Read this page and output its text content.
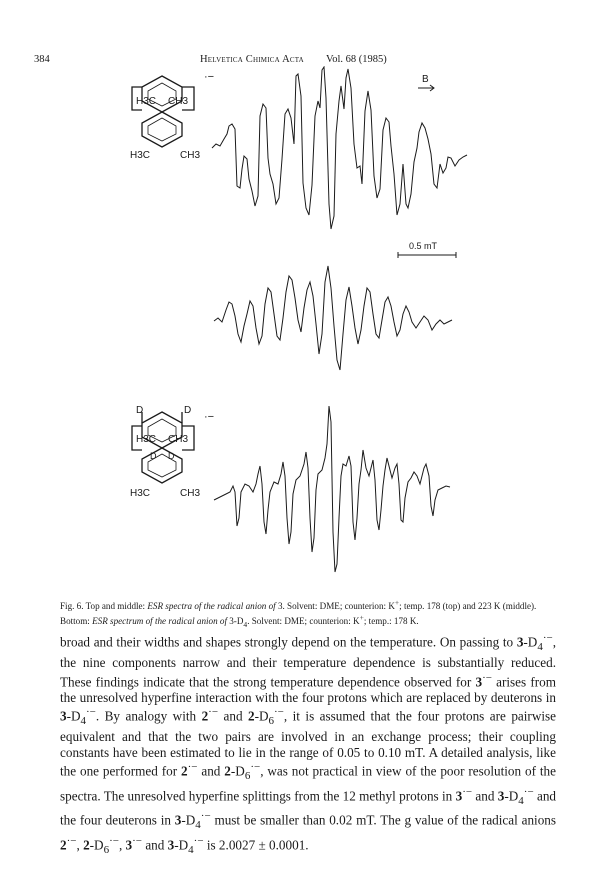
384	Helvetica Chimica Acta Vol. 68 (1985)
H3C CH3
H3C	CH3
·−	B
0.5 mT
D	D
D D
H3C CH3
H3C	CH3
·−
Fig. 6. Top and middle: ESR spectra of the radical anion of 3. Solvent: DME; counterion: K+; temp. 178 (top) and 223 K (middle). Bottom: ESR spectrum of the radical anion of $3-D_4$. Solvent: DME; counterion: K+; temp.: 178 K.
broad and their widths and shapes strongly depend on the temperature. On passing to $3-D_4^{\cdot-}$, the nine components narrow and their temperature dependence is substantially reduced. These findings indicate that the strong temperature dependence observed for 3·− arises from the unresolved hyperfine interaction with the four protons which are replaced by deuterons in $3-D_4^{\cdot-}$. By analogy with 2·− and $2-D_6^{\cdot-}$, it is assumed that the four protons are pairwise equivalent and that the two pairs are involved in an exchange process; their coupling constants have been estimated to lie in the range of 0.05 to 0.10 mT. A detailed analysis, like the one performed for 2·− and $2-D_6^{\cdot-}$, was not practical in view of the poor resolution of the spectra. The unresolved hyperfine splittings from the 12 methyl protons in 3·− and $3-D_4^{\cdot-}$ and the four deuterons in $3-D_4^{\cdot-}$ must be smaller than 0.02 mT. The g value of the radical anions 2·−, $2-D_6^{\cdot-}$, 3·− and $3-D_4^{\cdot-}$ is 2.0027 ± 0.0001.
